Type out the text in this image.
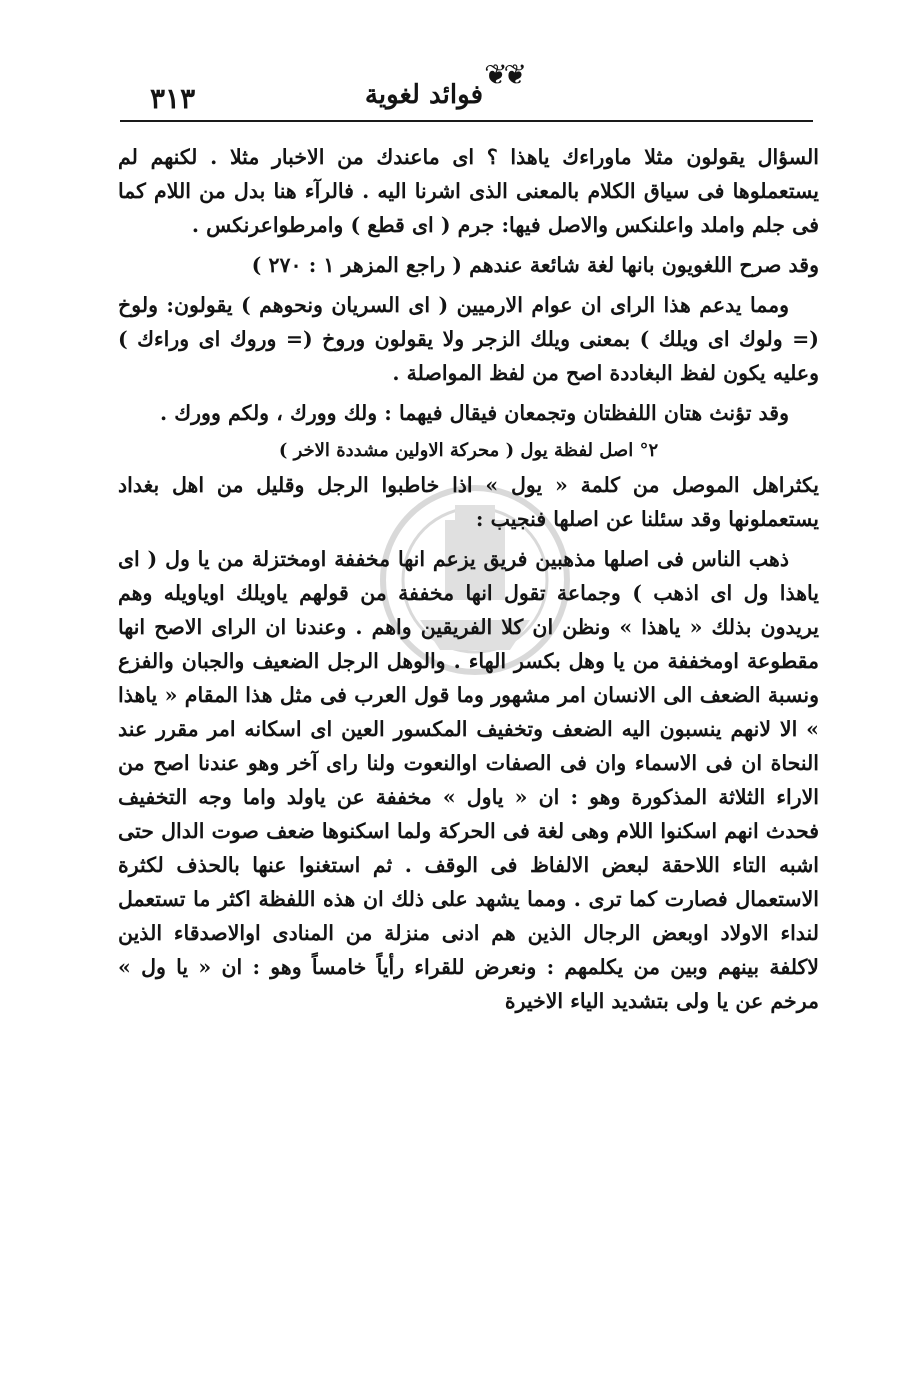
❦❦
فوائد لغوية
٣١٣

السؤال يقولون مثلا ماوراءك ياهذا ؟ اى ماعندك من الاخبار مثلا . لكنهم لم يستعملوها فى سياق الكلام بالمعنى الذى اشرنا اليه . فالرآء هنا بدل من اللام كما فى جلم واملد واعلنكس والاصل فيها: جرم ( اى قطع ) وامرطواعرنكس .

وقد صرح اللغويون بانها لغة شائعة عندهم ( راجع المزهر ١ : ٢٧٠ )

ومما يدعم هذا الراى ان عوام الارميين ( اى السريان ونحوهم ) يقولون: ولوخ (= ولوك اى ويلك ) بمعنى ويلك الزجر ولا يقولون وروخ (= وروك اى وراءك ) وعليه يكون لفظ البغاددة اصح من لفظ المواصلة .

وقد تؤنث هتان اللفظتان وتجمعان فيقال فيهما : ولك وورك ، ولكم وورك .

٢° اصل لفظة يول ( محركة الاولين مشددة الاخر )

يكثراهل الموصل من كلمة « يول » اذا خاطبوا الرجل وقليل من اهل بغداد يستعملونها وقد سئلنا عن اصلها فنجيب :

ذهب الناس فى اصلها مذهبين فريق يزعم انها مخففة اومختزلة من يا ول ( اى ياهذا ول اى اذهب ) وجماعة تقول انها مخففة من قولهم ياويلك اوياويله وهم يريدون بذلك « ياهذا » ونظن ان كلا الفريقين واهم . وعندنا ان الراى الاصح انها مقطوعة اومخففة من يا وهل بكسر الهاء . والوهل الرجل الضعيف والجبان والفزع ونسبة الضعف الى الانسان امر مشهور وما قول العرب فى مثل هذا المقام « ياهذا » الا لانهم ينسبون اليه الضعف وتخفيف المكسور العين اى اسكانه امر مقرر عند النحاة ان فى الاسماء وان فى الصفات اوالنعوت ولنا راى آخر وهو عندنا اصح من الاراء الثلاثة المذكورة وهو : ان « ياول » مخففة عن ياولد واما وجه التخفيف فحدث انهم اسكنوا اللام وهى لغة فى الحركة ولما اسكنوها ضعف صوت الدال حتى اشبه التاء اللاحقة لبعض الالفاظ فى الوقف . ثم استغنوا عنها بالحذف لكثرة الاستعمال فصارت كما ترى . ومما يشهد على ذلك ان هذه اللفظة اكثر ما تستعمل لنداء الاولاد اوبعض الرجال الذين هم ادنى منزلة من المنادى اوالاصدقاء الذين لاكلفة بينهم وبين من يكلمهم : ونعرض للقراء رأياً خامساً وهو : ان « يا ول » مرخم عن يا ولى بتشديد الياء الاخيرة
